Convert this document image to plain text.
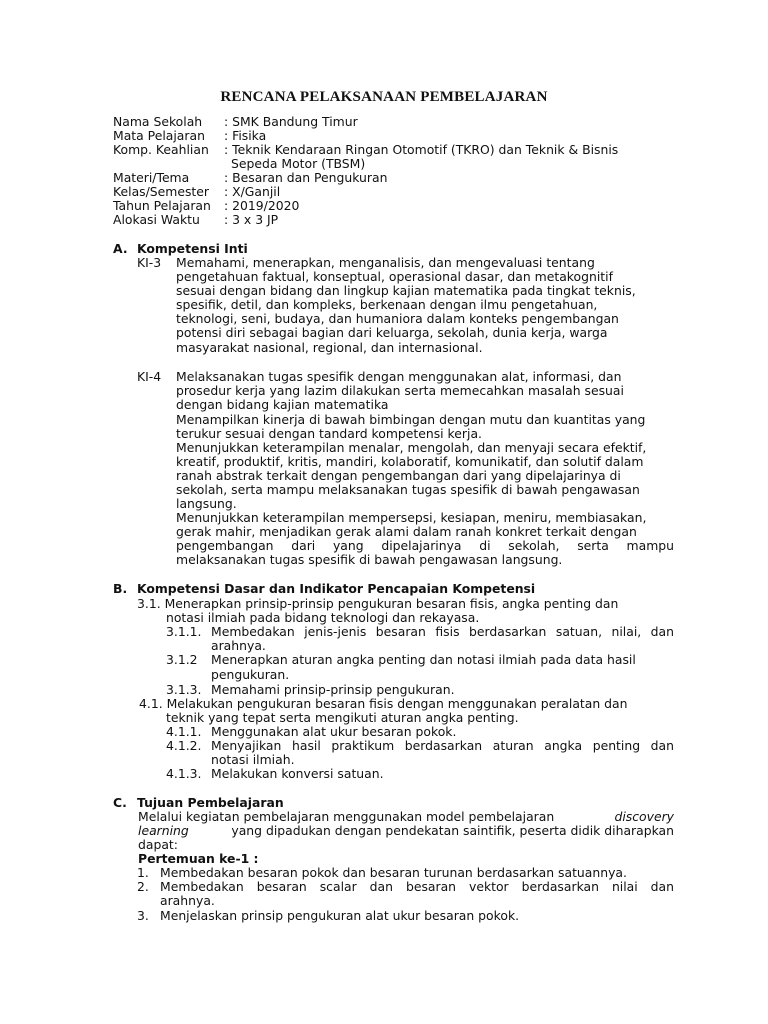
RENCANA PELAKSANAAN PEMBELAJARAN
Nama Sekolah : SMK Bandung Timur
Mata Pelajaran : Fisika
Komp. Keahlian : Teknik Kendaraan Ringan Otomotif (TKRO) dan Teknik & Bisnis
Sepeda Motor (TBSM)
Materi/Tema	: Besaran dan Pengukuran
Kelas/Semester : X/Ganjil
Tahun Pelajaran : 2019/2020
Alokasi Waktu : 3 x 3 JP
A. Kompetensi Inti
KI-3 Memahami, menerapkan, menganalisis, dan mengevaluasi tentang
pengetahuan faktual, konseptual, operasional dasar, dan metakognitif
sesuai dengan bidang dan lingkup kajian matematika pada tingkat teknis,
spesifik, detil, dan kompleks, berkenaan dengan ilmu pengetahuan,
teknologi, seni, budaya, dan humaniora dalam konteks pengembangan
potensi diri sebagai bagian dari keluarga, sekolah, dunia kerja, warga
masyarakat nasional, regional, dan internasional.
KI-4 Melaksanakan tugas spesifik dengan menggunakan alat, informasi, dan
prosedur kerja yang lazim dilakukan serta memecahkan masalah sesuai
dengan bidang kajian matematika
Menampilkan kinerja di bawah bimbingan dengan mutu dan kuantitas yang
terukur sesuai dengan tandard kompetensi kerja.
Menunjukkan keterampilan menalar, mengolah, dan menyaji secara efektif,
kreatif, produktif, kritis, mandiri, kolaboratif, komunikatif, dan solutif dalam
ranah abstrak terkait dengan pengembangan dari yang dipelajarinya di
sekolah, serta mampu melaksanakan tugas spesifik di bawah pengawasan
langsung.
Menunjukkan keterampilan mempersepsi, kesiapan, meniru, membiasakan,
gerak mahir, menjadikan gerak alami dalam ranah konkret terkait dengan
pengembangan dari yang dipelajarinya di sekolah, serta mampu
melaksanakan tugas spesifik di bawah pengawasan langsung.
B. Kompetensi Dasar dan Indikator Pencapaian Kompetensi
3.1. Menerapkan prinsip-prinsip pengukuran besaran fisis, angka penting dan
notasi ilmiah pada bidang teknologi dan rekayasa.
3.1.1. Membedakan jenis-jenis besaran fisis berdasarkan satuan, nilai, dan
arahnya.
3.1.2 Menerapkan aturan angka penting dan notasi ilmiah pada data hasil
pengukuran.
3.1.3. Memahami prinsip-prinsip pengukuran.
4.1. Melakukan pengukuran besaran fisis dengan menggunakan peralatan dan
teknik yang tepat serta mengikuti aturan angka penting.
4.1.1. Menggunakan alat ukur besaran pokok.
4.1.2. Menyajikan hasil praktikum berdasarkan aturan angka penting dan
notasi ilmiah.
4.1.3. Melakukan konversi satuan.
C. Tujuan Pembelajaran
Melalui kegiatan pembelajaran menggunakan model pembelajaran	discovery
learning	yang dipadukan dengan pendekatan saintifik, peserta didik diharapkan
dapat:
Pertemuan ke-1 :
1. Membedakan besaran pokok dan besaran turunan berdasarkan satuannya.
2. Membedakan besaran scalar dan besaran vektor berdasarkan nilai dan
arahnya.
3. Menjelaskan prinsip pengukuran alat ukur besaran pokok.
